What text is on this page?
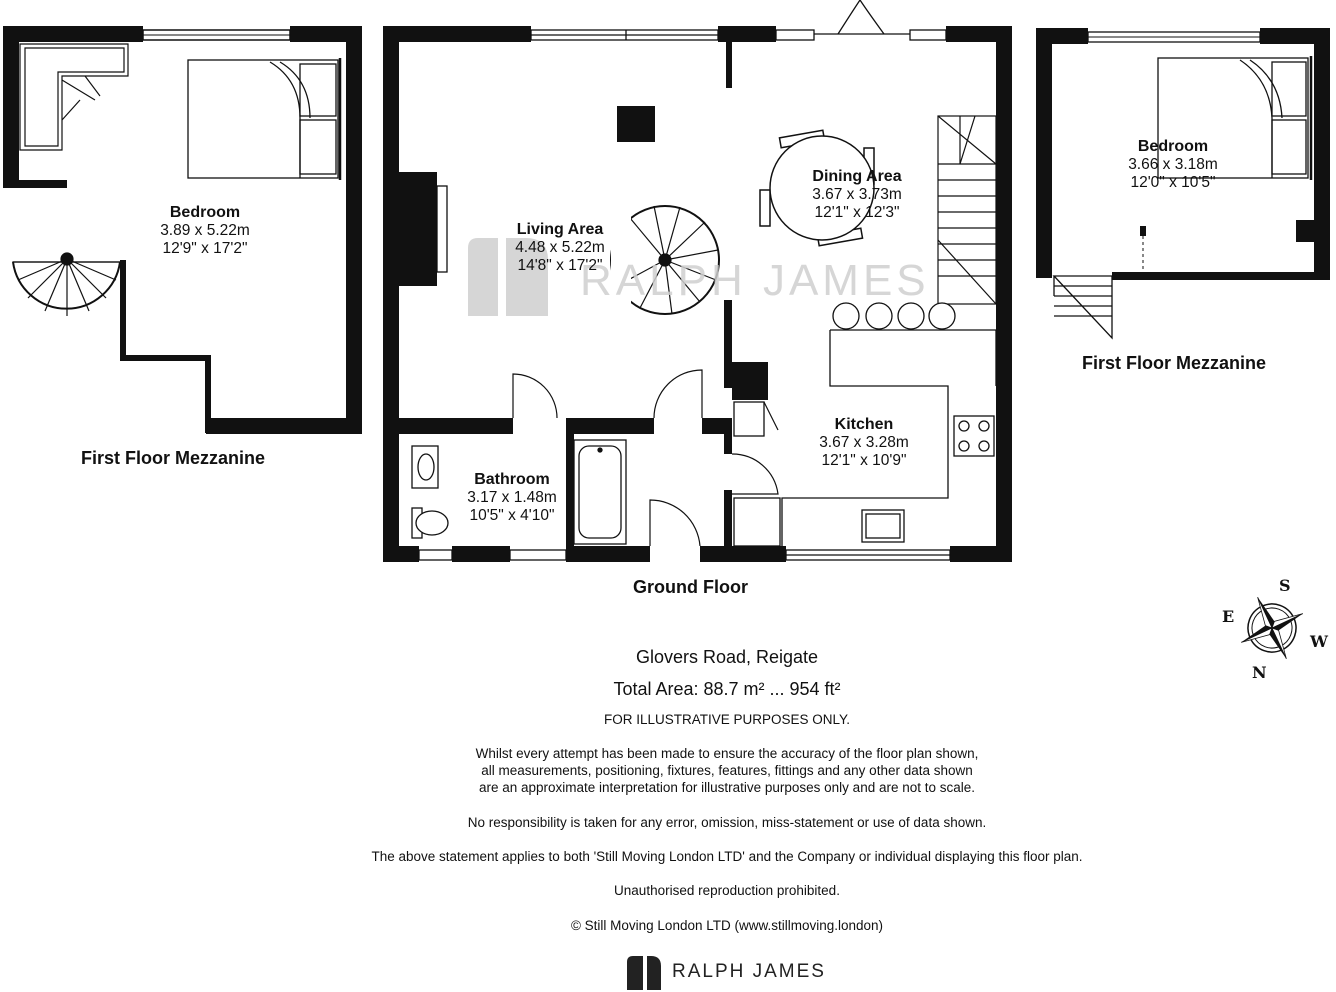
RALPH JAMES
Bedroom
3.89 x 5.22m
12'9" x 17'2"
Living Area
4.48 x 5.22m
14'8" x 17'2"
Dining Area
3.67 x 3.73m
12'1" x 12'3"
Bedroom
3.66 x 3.18m
12'0" x 10'5"
Kitchen
3.67 x 3.28m
12'1" x 10'9"
Bathroom
3.17 x 1.48m
10'5" x 4'10"
First Floor Mezzanine
First Floor Mezzanine
Ground Floor	S
E
W
N
Glovers Road, Reigate
Total Area: 88.7 m² ... 954 ft²
FOR ILLUSTRATIVE PURPOSES ONLY.
Whilst every attempt has been made to ensure the accuracy of the floor plan shown,
all measurements, positioning, fixtures, features, fittings and any other data shown
are an approximate interpretation for illustrative purposes only and are not to scale.
No responsibility is taken for any error, omission, miss-statement or use of data shown.
The above statement applies to both 'Still Moving London LTD' and the Company or individual displaying this floor plan.
Unauthorised reproduction prohibited.
© Still Moving London LTD (www.stillmoving.london)
RALPH JAMES
